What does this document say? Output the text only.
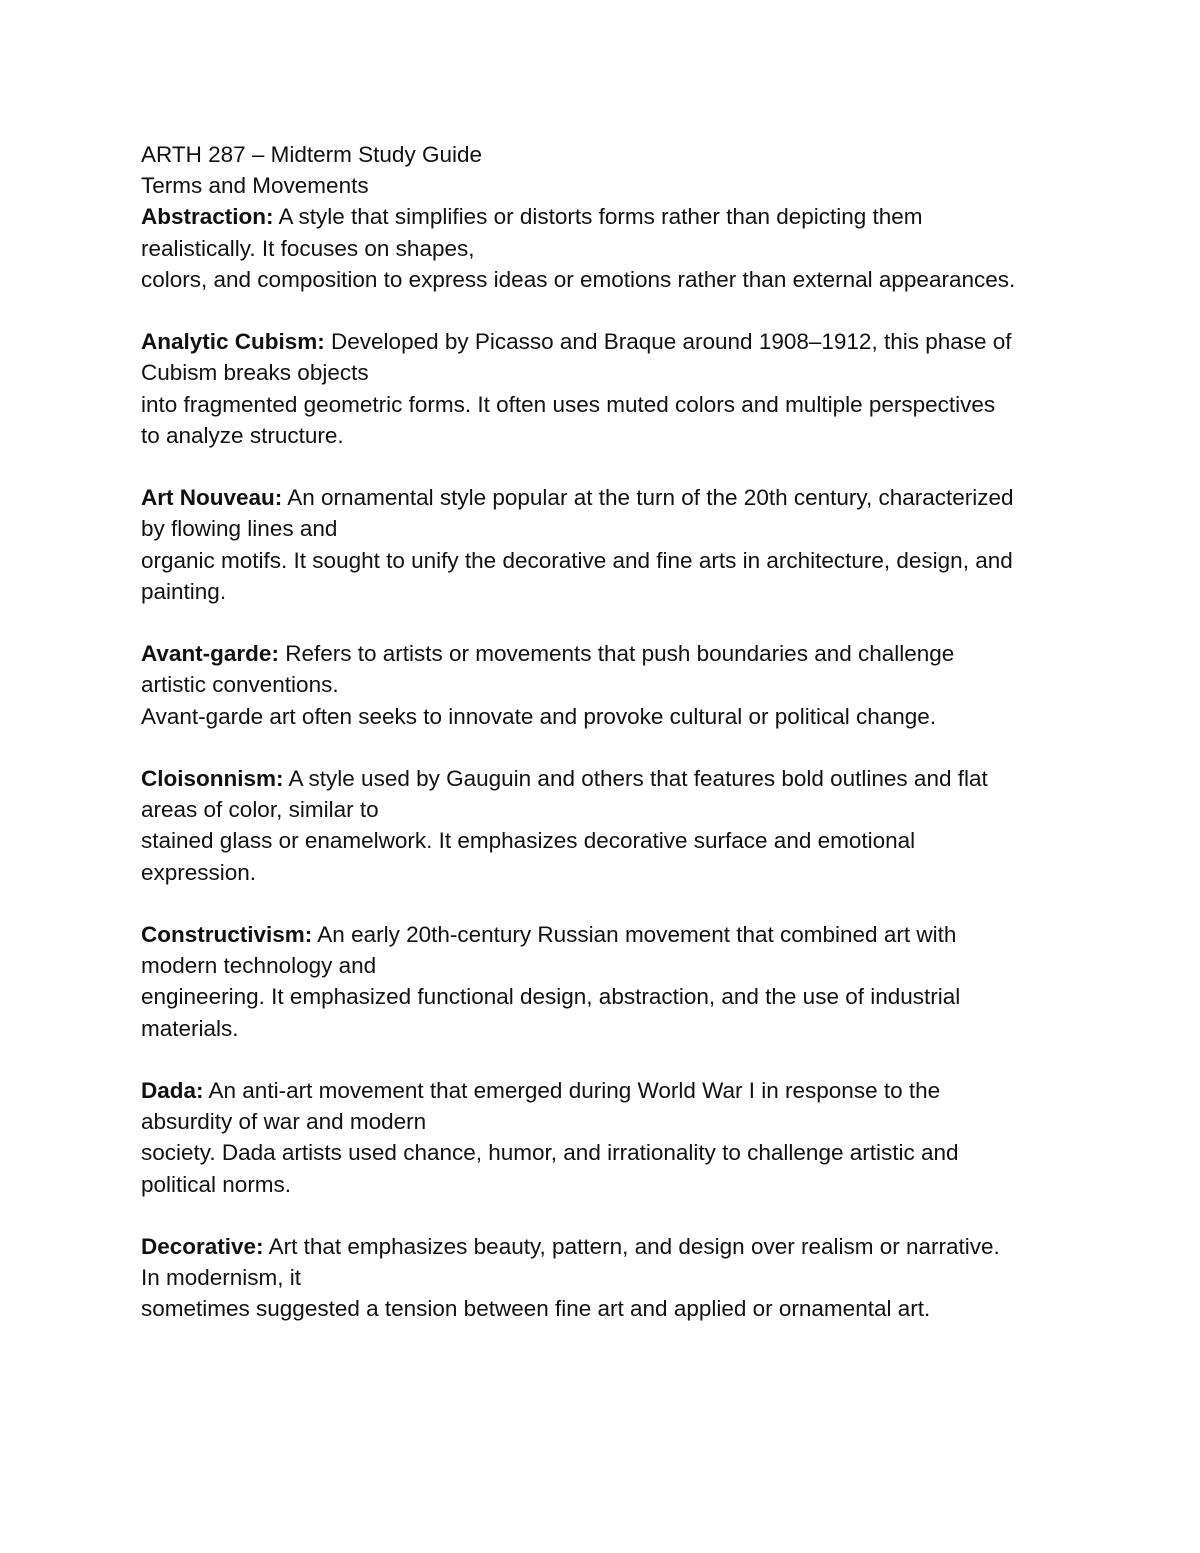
ARTH 287 – Midterm Study Guide
Terms and Movements
Abstraction: A style that simplifies or distorts forms rather than depicting them
realistically. It focuses on shapes,
colors, and composition to express ideas or emotions rather than external appearances.
Analytic Cubism: Developed by Picasso and Braque around 1908–1912, this phase of
Cubism breaks objects
into fragmented geometric forms. It often uses muted colors and multiple perspectives
to analyze structure.
Art Nouveau: An ornamental style popular at the turn of the 20th century, characterized
by flowing lines and
organic motifs. It sought to unify the decorative and fine arts in architecture, design, and
painting.
Avant-garde: Refers to artists or movements that push boundaries and challenge
artistic conventions.
Avant-garde art often seeks to innovate and provoke cultural or political change.
Cloisonnism: A style used by Gauguin and others that features bold outlines and flat
areas of color, similar to
stained glass or enamelwork. It emphasizes decorative surface and emotional
expression.
Constructivism: An early 20th-century Russian movement that combined art with
modern technology and
engineering. It emphasized functional design, abstraction, and the use of industrial
materials.
Dada: An anti-art movement that emerged during World War I in response to the
absurdity of war and modern
society. Dada artists used chance, humor, and irrationality to challenge artistic and
political norms.
Decorative: Art that emphasizes beauty, pattern, and design over realism or narrative.
In modernism, it
sometimes suggested a tension between fine art and applied or ornamental art.
